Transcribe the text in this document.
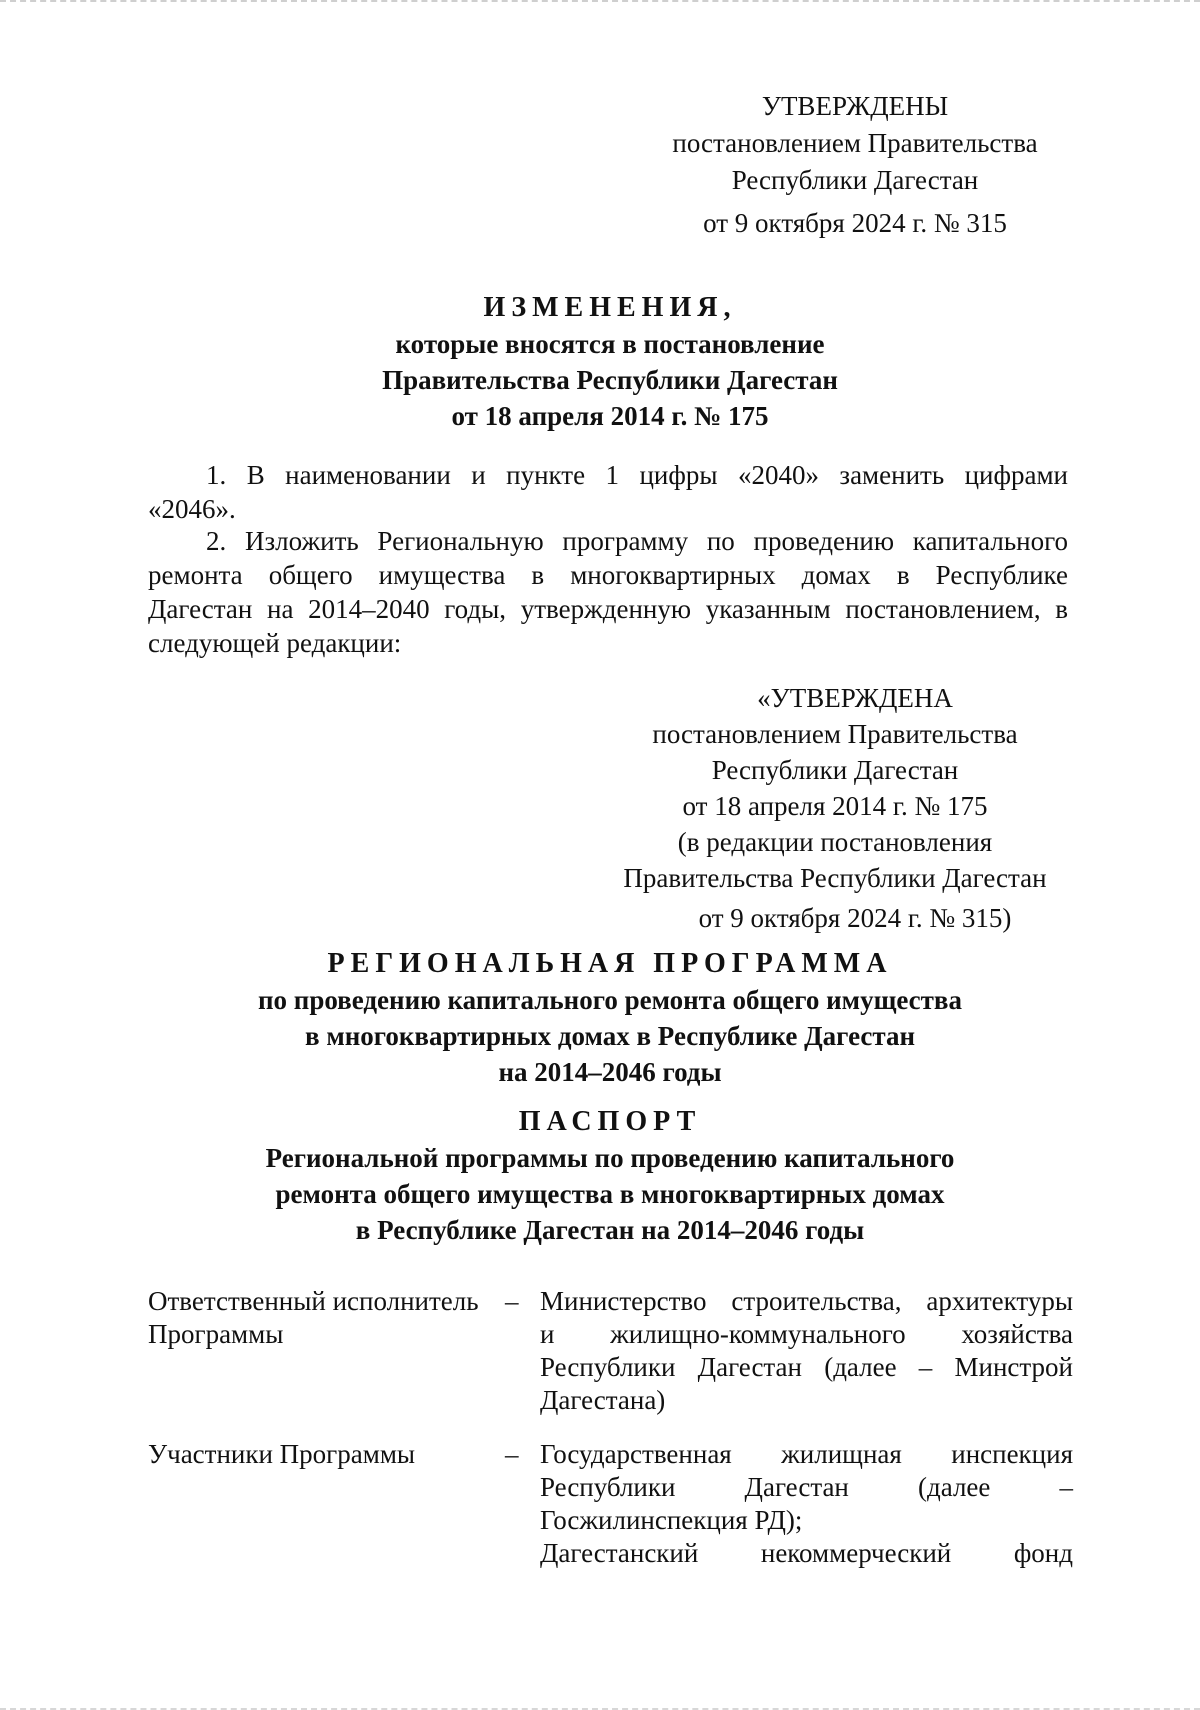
УТВЕРЖДЕНЫ
постановлением Правительства
Республики Дагестан
от 9 октября 2024 г. № 315
ИЗМЕНЕНИЯ,
которые вносятся в постановление
Правительства Республики Дагестан
от 18 апреля 2014 г. № 175
1. В наименовании и пункте 1 цифры «2040» заменить цифрами
«2046».
2. Изложить Региональную программу по проведению капитального
ремонта общего имущества в многоквартирных домах в Республике
Дагестан на 2014–2040 годы, утвержденную указанным постановлением, в
следующей редакции:
«УТВЕРЖДЕНА
постановлением Правительства
Республики Дагестан
от 18 апреля 2014 г. № 175
(в редакции постановления
Правительства Республики Дагестан
от 9 октября 2024 г. № 315)
РЕГИОНАЛЬНАЯ ПРОГРАММА
по проведению капитального ремонта общего имущества
в многоквартирных домах в Республике Дагестан
на 2014–2046 годы
ПАСПОРТ
Региональной программы по проведению капитального
ремонта общего имущества в многоквартирных домах
в Республике Дагестан на 2014–2046 годы
Ответственный исполнитель
Программы
– Министерство строительства, архитектуры
и жилищно-коммунального хозяйства
Республики Дагестан (далее – Минстрой
Дагестана)
Участники Программы	– Государственная жилищная инспекция
Республики Дагестан (далее –
Госжилинспекция РД);
Дагестанский некоммерческий фонд
